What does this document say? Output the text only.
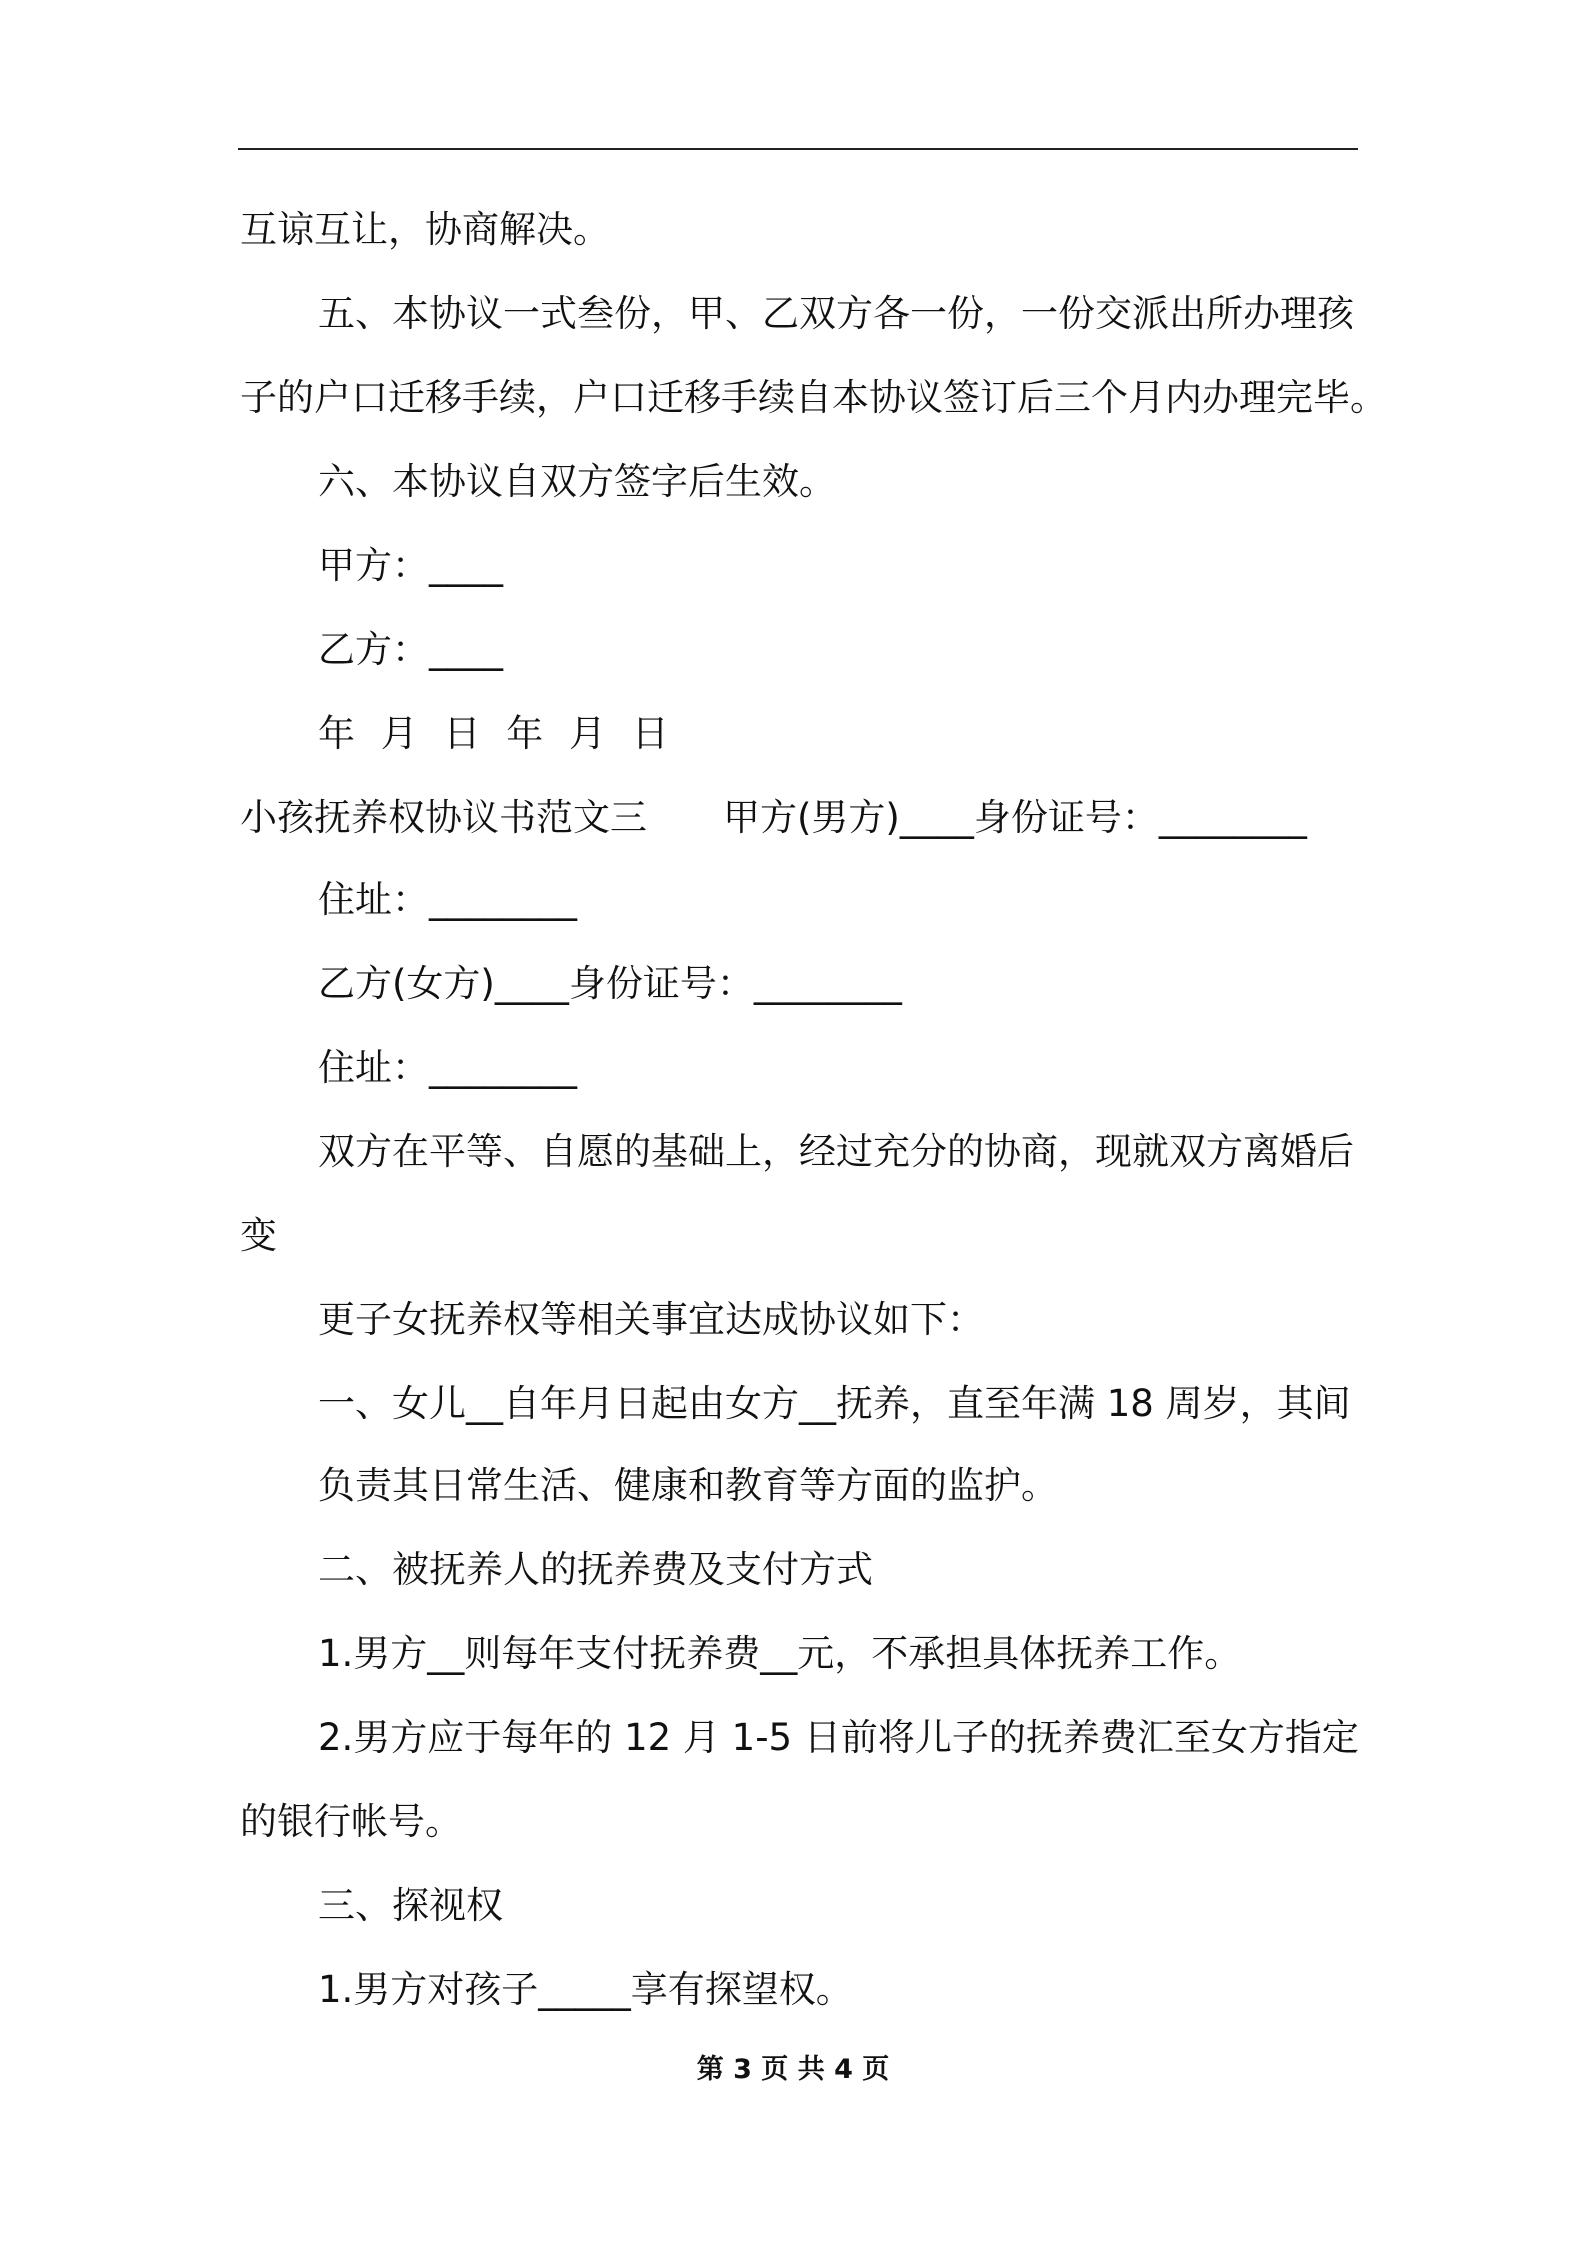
互谅互让，协商解决。
五、本协议一式叁份，甲、乙双方各一份，一份交派出所办理孩
子的户口迁移手续，户口迁移手续自本协议签订后三个月内办理完毕。
六、本协议自双方签字后生效。
甲方：____
乙方：____
年 月 日 年 月 日
小孩抚养权协议书范文三 甲方(男方)____身份证号：________
住址：________
乙方(女方)____身份证号：________
住址：________
双方在平等、自愿的基础上，经过充分的协商，现就双方离婚后
变
更子女抚养权等相关事宜达成协议如下：
一、女儿__自年月日起由女方__抚养，直至年满 18 周岁，其间
负责其日常生活、健康和教育等方面的监护。
二、被抚养人的抚养费及支付方式
1.男方__则每年支付抚养费__元，不承担具体抚养工作。
2.男方应于每年的 12 月 1-5 日前将儿子的抚养费汇至女方指定
的银行帐号。
三、探视权
1.男方对孩子_____享有探望权。
第 3 页 共 4 页
